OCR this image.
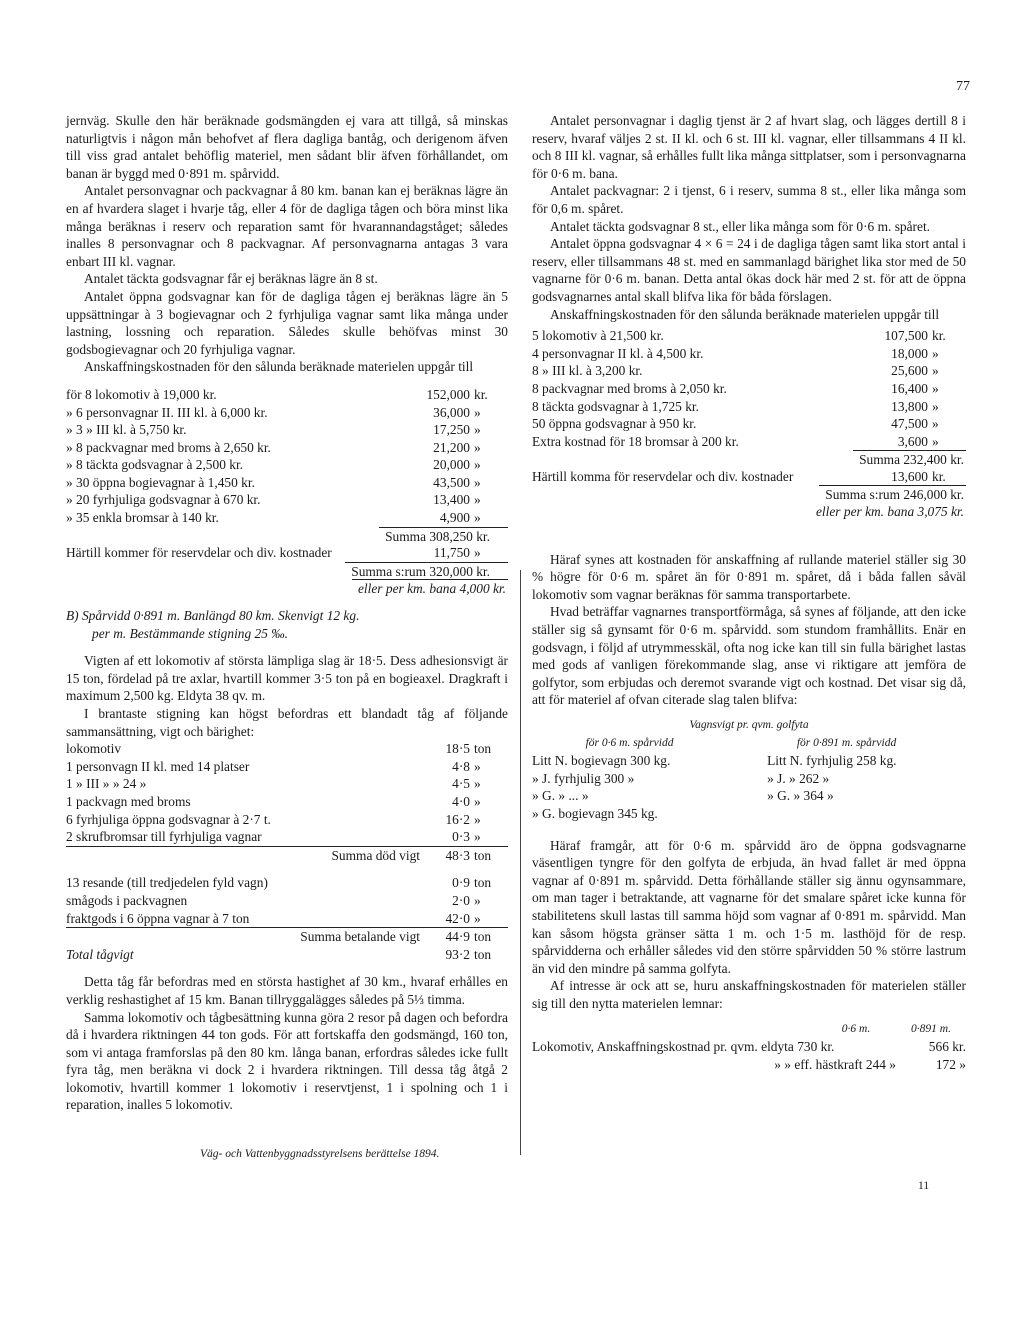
77

jernväg. Skulle den här beräknade godsmängden ej vara att tillgå, så minskas naturligtvis i någon mån behofvet af flera dagliga bantåg, och derigenom äfven till viss grad antalet behöflig materiel, men sådant blir äfven förhållandet, om banan är byggd med 0·891 m. spårvidd.

Antalet personvagnar och packvagnar å 80 km. banan kan ej beräknas lägre än en af hvardera slaget i hvarje tåg, eller 4 för de dagliga tågen och böra minst lika många beräknas i reserv och reparation samt för hvarannandagståget; således inalles 8 personvagnar och 8 packvagnar. Af personvagnarna antagas 3 vara enbart III kl. vagnar.

Antalet täckta godsvagnar får ej beräknas lägre än 8 st.

Antalet öppna godsvagnar kan för de dagliga tågen ej beräknas lägre än 5 uppsättningar à 3 bogievagnar och 2 fyrhjuliga vagnar samt lika många under lastning, lossning och reparation. Således skulle behöfvas minst 30 godsbogievagnar och 20 fyrhjuliga vagnar.

Anskaffningskostnaden för den sålunda beräknade materielen uppgår till

för 8 lokomotiv à 19,000 kr.	152,000 kr.
» 6 personvagnar II. III kl. à 6,000 kr.	36,000 »
» 3 » III kl. à 5,750 kr.	17,250 »
» 8 packvagnar med broms à 2,650 kr.	21,200 »
» 8 täckta godsvagnar à 2,500 kr.	20,000 »
» 30 öppna bogievagnar à 1,450 kr.	43,500 »
» 20 fyrhjuliga godsvagnar à 670 kr.	13,400 »
» 35 enkla bromsar à 140 kr.	4,900 »
Summa 308,250 kr.
Härtill kommer för reservdelar och div. kostnader	11,750 »
Summa s:rum 320,000 kr.
eller per km. bana 4,000 kr.

B) Spårvidd 0·891 m. Banlängd 80 km. Skenvigt 12 kg.

per m. Bestämmande stigning 25 ‰.

Vigten af ett lokomotiv af största lämpliga slag är 18·5. Dess adhesionsvigt är 15 ton, fördelad på tre axlar, hvartill kommer 3·5 ton på en bogieaxel. Dragkraft i maximum 2,500 kg. Eldyta 38 qv. m.

I brantaste stigning kan högst befordras ett blandadt tåg af följande sammansättning, vigt och bärighet:

lokomotiv	18·5 ton
1 personvagn II kl. med 14 platser	4·8 »
1 » III » » 24 »	4·5 »
1 packvagn med broms	4·0 »
6 fyrhjuliga öppna godsvagnar à 2·7 t.	16·2 »
2 skrufbromsar till fyrhjuliga vagnar	0·3 »
Summa död vigt	48·3 ton
13 resande (till tredjedelen fyld vagn)	0·9 ton
smågods i packvagnen	2·0 »
fraktgods i 6 öppna vagnar à 7 ton	42·0 »
Summa betalande vigt	44·9 ton
Total tågvigt	93·2 ton

Detta tåg får befordras med en största hastighet af 30 km., hvaraf erhålles en verklig reshastighet af 15 km. Banan tillryggalägges således på 5⅓ timma.

Samma lokomotiv och tågbesättning kunna göra 2 resor på dagen och befordra då i hvardera riktningen 44 ton gods. För att fortskaffa den godsmängd, 160 ton, som vi antaga framforslas på den 80 km. långa banan, erfordras således icke fullt fyra tåg, men beräkna vi dock 2 i hvardera riktningen. Till dessa tåg åtgå 2 lokomotiv, hvartill kommer 1 lokomotiv i reservtjenst, 1 i spolning och 1 i reparation, inalles 5 lokomotiv.

Antalet personvagnar i daglig tjenst är 2 af hvart slag, och lägges dertill 8 i reserv, hvaraf väljes 2 st. II kl. och 6 st. III kl. vagnar, eller tillsammans 4 II kl. och 8 III kl. vagnar, så erhålles fullt lika många sittplatser, som i personvagnarna för 0·6 m. bana.

Antalet packvagnar: 2 i tjenst, 6 i reserv, summa 8 st., eller lika många som för 0,6 m. spåret.

Antalet täckta godsvagnar 8 st., eller lika många som för 0·6 m. spåret.

Antalet öppna godsvagnar 4 × 6 = 24 i de dagliga tågen samt lika stort antal i reserv, eller tillsammans 48 st. med en sammanlagd bärighet lika stor med de 50 vagnarne för 0·6 m. banan. Detta antal ökas dock här med 2 st. för att de öppna godsvagnarnes antal skall blifva lika för båda förslagen.

Anskaffningskostnaden för den sålunda beräknade materielen uppgår till

5 lokomotiv à 21,500 kr.	107,500 kr.
4 personvagnar II kl. à 4,500 kr.	18,000 »
8 » III kl. à 3,200 kr.	25,600 »
8 packvagnar med broms à 2,050 kr.	16,400 »
8 täckta godsvagnar à 1,725 kr.	13,800 »
50 öppna godsvagnar à 950 kr.	47,500 »
Extra kostnad för 18 bromsar à 200 kr.	3,600 »
Summa 232,400 kr.
Härtill komma för reservdelar och div. kostnader	13,600 kr.
Summa s:rum 246,000 kr.
eller per km. bana 3,075 kr.

Häraf synes att kostnaden för anskaffning af rullande materiel ställer sig 30 % högre för 0·6 m. spåret än för 0·891 m. spåret, då i båda fallen såväl lokomotiv som vagnar beräknas för samma transportarbete.

Hvad beträffar vagnarnes transportförmåga, så synes af följande, att den icke ställer sig så gynsamt för 0·6 m. spårvidd. som stundom framhållits. Enär en godsvagn, i följd af utrymmesskäl, ofta nog icke kan till sin fulla bärighet lastas med gods af vanligen förekommande slag, anse vi riktigare att jemföra de golfytor, som erbjudas och deremot svarande vigt och kostnad. Det visar sig då, att för materiel af ofvan citerade slag talen blifva:

Vagnsvigt pr. qvm. golfyta
för 0·6 m. spårvidd	för 0·891 m. spårvidd
Litt N. bogievagn 300 kg.	Litt N. fyrhjulig 258 kg.
» J. fyrhjulig 300 »	» J. » 262 »
» G. » ... »	» G. » 364 »
» G. bogievagn 345 kg.	

Häraf framgår, att för 0·6 m. spårvidd äro de öppna godsvagnarne väsentligen tyngre för den golfyta de erbjuda, än hvad fallet är med öppna vagnar af 0·891 m. spårvidd. Detta förhållande ställer sig ännu ogynsammare, om man tager i betraktande, att vagnarne för det smalare spåret icke kunna för stabilitetens skull lastas till samma höjd som vagnar af 0·891 m. spårvidd. Man kan såsom högsta gränser sätta 1 m. och 1·5 m. lasthöjd för de resp. spårvidderna och erhåller således vid den större spårvidden 50 % större lastrum än vid den mindre på samma golfyta.

Af intresse är ock att se, huru anskaffningskostnaden för materielen ställer sig till den nytta materielen lemnar:

0·6 m.	0·891 m.
Lokomotiv, Anskaffningskostnad pr. qvm. eldyta 730 kr.	566 kr.
» » eff. hästkraft 244 »	172 »
Väg- och Vattenbyggnadsstyrelsens berättelse 1894.
11
